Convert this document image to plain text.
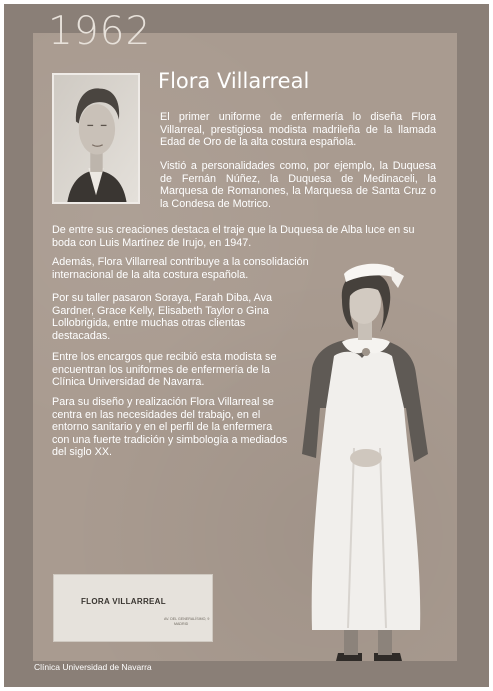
1962
Flora Villarreal

El primer uniforme de enfermería lo diseña Flora Villarreal, prestigiosa modista madrileña de la llamada Edad de Oro de la alta costura española.

Vistió a personalidades como, por ejemplo, la Duquesa de Fernán Núñez, la Duquesa de Medinaceli, la Marquesa de Romanones, la Marquesa de Santa Cruz o la Condesa de Motrico.

De entre sus creaciones destaca el traje que la Duquesa de Alba luce en su boda con Luis Martínez de Irujo, en 1947.

Además, Flora Villarreal contribuye a la consolidación internacional de la alta costura española.

Por su taller pasaron Soraya, Farah Diba, Ava Gardner, Grace Kelly, Elisabeth Taylor o Gina Lollobrigida, entre muchas otras clientas destacadas.

Entre los encargos que recibió esta modista se encuentran los uniformes de enfermería de la Clínica Universidad de Navarra.

Para su diseño y realización Flora Villarreal se centra en las necesidades del trabajo, en el entorno sanitario y en el perfil de la enfermera con una fuerte tradición y simbología a mediados del siglo XX.

FLORA VILLARREAL
AV. DEL GENERALÍSIMO, 9
MADRID

Clínica Universidad de Navarra
